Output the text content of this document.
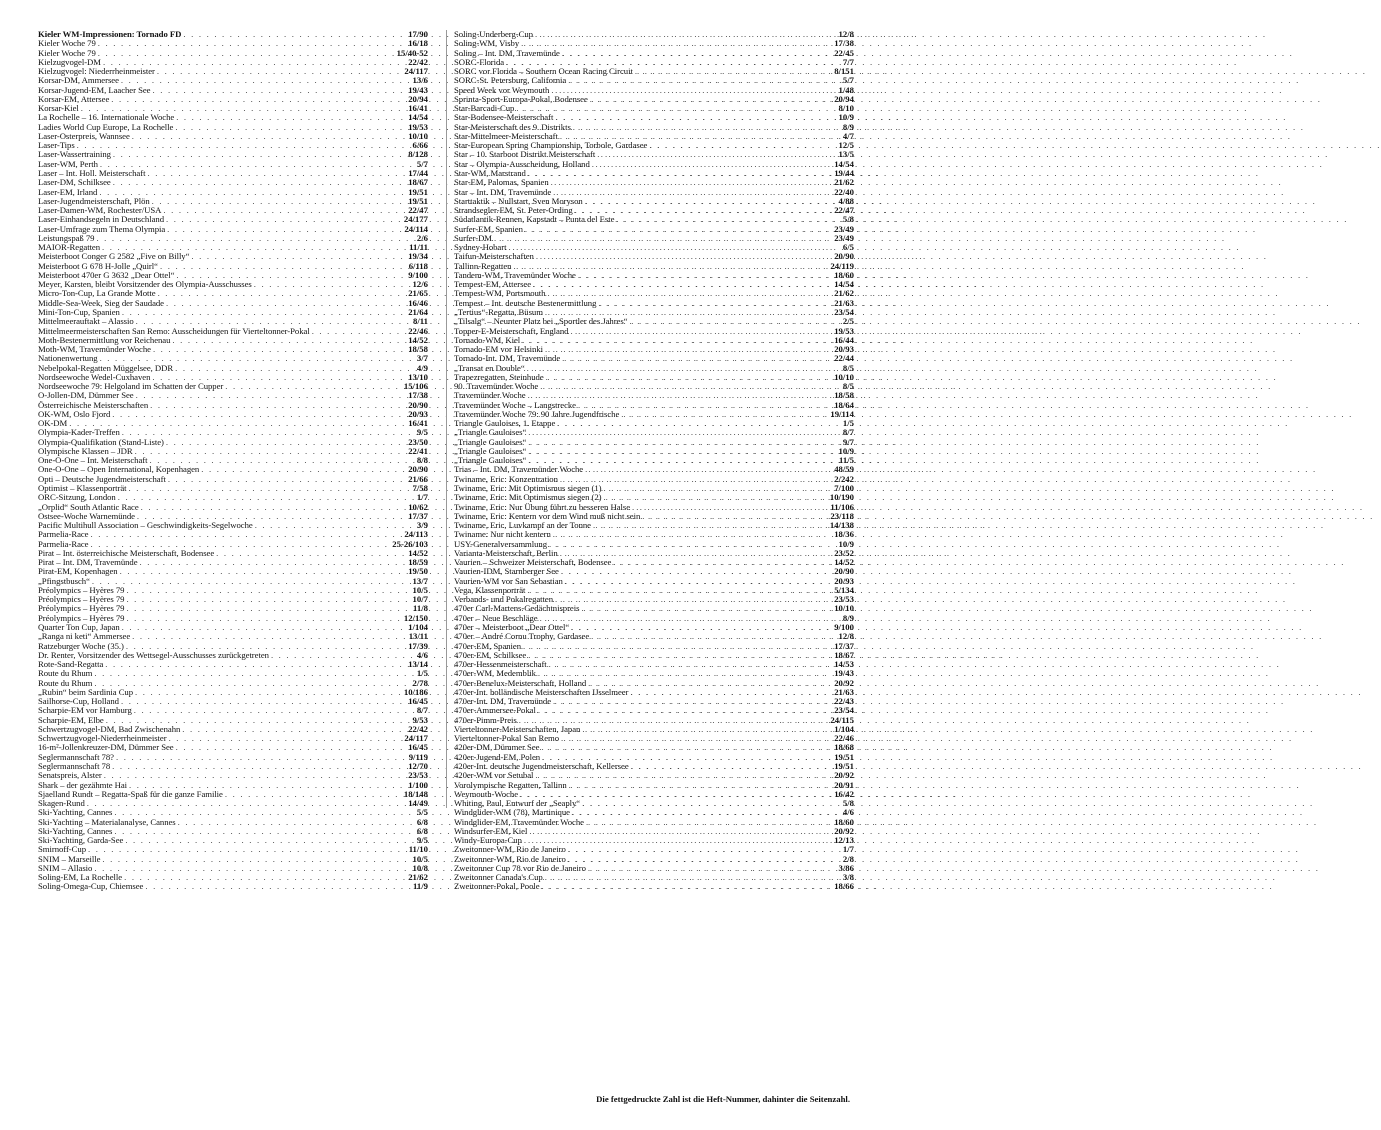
Kieler WM-Impressionen: Tornado FD . . .	17/90
Kieler Woche 79 . . .	16/18
Kieler Woche 79 . . .	15/40-52
Kielzugvogel-DM . . .	22/42
Kielzugvogel: Niederrheinmeister . . .	24/117
Korsar-DM, Ammersee . . .	13/6
Korsar-Jugend-EM, Laacher See . . .	19/43
Korsar-EM, Attersee . . .	20/94
Korsar-Kiel . . .	16/41
La Rochelle – 16. Internationale Woche . . .	14/54
Ladies World Cup Europe, La Rochelle . . .	19/53
Laser-Osterpreis, Wannsee . . .	10/10
Laser-Tips . . .	6/66
Laser-Wassertraining . . .	8/128
Laser-WM, Perth . . .	5/7
Laser – Int. Holl. Meisterschaft . . .	17/44
Laser-DM, Schilksee . . .	18/67
Laser-EM, Irland . . .	19/51
Laser-Jugendmeisterschaft, Plön . . .	19/51
Laser-Damen-WM, Rochester/USA . . .	22/47
Laser-Einhandsegeln in Deutschland . . .	24/177
Laser-Umfrage zum Thema Olympia . . .	24/114
Leistungspaß 79 . . .	2/6
MAIOR-Regatten . . .	11/11
Meisterboot Conger G 2582 „Five on Billy“ . . .	19/34
Meisterboot G 678 H-Jolle „Quirl“ . . .	6/118
Meisterboot 470er G 3632 „Dear Ottel“ . . .	9/100
Meyer, Karsten, bleibt Vorsitzender des Olympia-Ausschusses . . .	12/6
Micro-Ton-Cup, La Grande Motte . . .	21/65
Middle-Sea-Week, Sieg der Saudade . . .	16/46
Mini-Ton-Cup, Spanien . . .	21/64
Mittelmeerauftakt – Alassio . . .	8/11
Mittelmeermeisterschaften San Remo: Ausscheidungen für Vierteltonner-Pokal . . .	22/46
Moth-Bestenermittlung vor Reichenau . . .	14/52
Moth-WM, Travemünder Woche . . .	18/58
Nationenwertung . . .	3/7
Nebelpokal-Regatten Müggelsee, DDR . . .	4/9
Nordseewoche Wedel-Cuxhaven . . .	13/10
Nordseewoche 79: Helgoland im Schatten der Cupper . . .	15/106
O-Jollen-DM, Dümmer See . . .	17/38
Österreichische Meisterschaften . . .	20/90
OK-WM, Oslo Fjord . . .	20/93
OK-DM . . .	16/41
Olympia-Kader-Treffen . . .	9/5
Olympia-Qualifikation (Stand-Liste) . . .	23/50
Olympische Klassen – JDR . . .	22/41
One-O-One – Int. Meisterschaft . . .	8/8
One-O-One – Open International, Kopenhagen . . .	20/90
Opti – Deutsche Jugendmeisterschaft . . .	21/66
Optimist – Klassenporträt . . .	7/58
ORC-Sitzung, London . . .	1/7
„Orplid“ South Atlantic Race . . .	10/62
Ostsee-Woche Warnemünde . . .	17/37
Pacific Multihull Association – Geschwindigkeits-Segelwoche . . .	3/9
Parmelia-Race . . .	24/113
Parmelia-Race . . .	25-26/103
Pirat – Int. österreichische Meisterschaft, Bodensee . . .	14/52
Pirat – Int. DM, Travemünde . . .	18/59
Pirat-EM, Kopenhagen . . .	19/50
„Pfingstbusch“ . . .	13/7
Préolympics – Hyères 79 . . .	10/5
Préolympics – Hyères 79 . . .	10/7
Préolympics – Hyères 79 . . .	11/8
Préolympics – Hyères 79 . . .	12/150
Quarter Ton Cup, Japan . . .	1/104
„Ranga ni keti“ Ammersee . . .	13/11
Ratzeburger Woche (35.) . . .	17/39
Dr. Renter, Vorsitzender des Wettsegel-Ausschusses zurückgetreten . . .	4/6
Rote-Sand-Regatta . . .	13/14
Route du Rhum . . .	1/5
Route du Rhum . . .	2/78
„Rubin“ beim Sardinia Cup . . .	10/186
Sailhorse-Cup, Holland . . .	16/45
Scharpie-EM vor Hamburg . . .	8/7
Scharpie-EM, Elbe . . .	9/53
Schwertzugvogel-DM, Bad Zwischenahn . . .	22/42
Schwertzugvogel-Niederrheinmeister . . .	24/117
16-m²-Jollenkreuzer-DM, Dümmer See . . .	16/45
Seglermannschaft 78? . . .	9/119
Seglermannschaft 78 . . .	12/70
Senatspreis, Alster . . .	23/53
Shark – der gezähmte Hai . . .	1/100
Sjaelland Rundt – Regatta-Spaß für die ganze Familie . . .	18/148
Skagen-Rund . . .	14/49
Ski-Yachting, Cannes . . .	5/5
Ski-Yachting – Materialanalyse, Cannes . . .	6/8
Ski-Yachting, Cannes . . .	6/8
Ski-Yachting, Garda-See . . .	9/5
Smirnoff-Cup . . .	11/10
SNIM – Marseille . . .	10/5
SNIM – Allasio . . .	10/8
Soling-EM, La Rochelle . . .	21/62
Soling-Omega-Cup, Chiemsee . . .	11/9
Soling-Underberg-Cup . . .	12/8
Soling-WM, Visby . . .	17/38
Soling – Int. DM, Travemünde . . .	22/45
SORC-Florida . . .	7/7
SORC vor Florida – Southern Ocean Racing Circuit . . .	8/151
SORC-St. Petersburg, California . . .	5/7
Speed Week vor Weymouth . . .	1/48
Sprinta-Sport-Europa-Pokal, Bodensee . . .	20/94
Star-Barcadi-Cup . . .	8/10
Star-Bodensee-Meisterschaft . . .	10/9
Star-Meisterschaft des 9. Distrikts . . .	8/9
Star-Mittelmeer-Meisterschaft . . .	4/7
Star-European Spring Championship, Torbole, Gardasee . . .	12/5
Star – 10. Starboot Distrikt Meisterschaft . . .	13/5
Star – Olympia-Ausscheidung, Holland . . .	14/54
Star-WM, Marstrand . . .	19/44
Star-EM, Palomas, Spanien . . .	21/62
Star – Int. DM, Travemünde . . .	22/40
Starttaktik – Nullstart, Sven Moryson . . .	4/88
Strandsegler-EM, St. Peter-Ording . . .	22/47
Südatlantik-Rennen, Kapstadt – Punta del Este . . .	5/8
Surfer-EM, Spanien . . .	23/49
Surfer-DM . . .	23/49
Sydney-Hobart . . .	6/5
Taifun-Meisterschaften . . .	20/90
Tallinn-Regatten . . .	24/119
Tandem-WM, Travemünder Woche . . .	18/60
Tempest-EM, Attersee . . .	14/54
Tempest-WM, Portsmouth . . .	21/62
Tempest – Int. deutsche Bestenermittlung . . .	21/63
„Tertius“-Regatta, Büsum . . .	23/54
„Tilsalg“ – Neunter Platz bei „Sportler des Jahres“ . . .	2/5
Topper-E-Meisterschaft, England . . .	19/53
Tornado-WM, Kiel . . .	16/44
Tornado-EM vor Helsinki . . .	20/93
Tornado-Int. DM, Travemünde . . .	22/44
„Transat en Double“ . . .	8/5
Trapezregatten, Steinhude . . .	10/10
90. Travemünder Woche . . .	8/5
Travemünder Woche . . .	18/58
Travemünder Woche – Langstrecke . . .	18/64
Travemünder Woche 79: 90 Jahre Jugendfrische . . .	19/114
Triangle Gauloises, 1. Etappe . . .	1/5
„Triangle Gauloises“ . . .	8/7
„Triangle Gauloises“ . . .	9/7
„Triangle Gauloises“ . . .	10/9
„Triangle Gauloises“ . . .	11/5
Trias – Int. DM, Travemünder Woche . . .	48/59
Twiname, Eric: Konzentration . . .	2/242
Twiname, Eric: Mit Optimismus siegen (1) . . .	7/100
Twiname, Eric: Mit Optimismus siegen (2) . . .	10/190
Twiname, Eric: Nur Übung führt zu besseren Halse . . .	11/106
Twiname, Eric: Kentern vor dem Wind muß nicht sein . . .	23/118
Twiname, Eric, Luvkampf an der Tonne . . .	14/138
Twiname: Nur nicht kentern . . .	18/36
USY-Generalversammlung . . .	10/9
Varianta-Meisterschaft, Berlin . . .	23/52
Vaurien – Schweizer Meisterschaft, Bodensee . . .	14/52
Vaurien-IDM, Starnberger See . . .	20/90
Vaurien-WM vor San Sebastian . . .	20/93
Vega, Klassenporträt . . .	5/134
Verbands- und Pokalregatten . . .	23/53
470er Carl-Martens-Gedächtnispreis . . .	10/10
470er – Neue Beschläge . . .	8/9
470er – Meisterboot „Dear Ottel“ . . .	9/100
470er – André Cornu Trophy, Gardasee . . .	12/8
470er-EM, Spanien . . .	17/37
470er-EM, Schilksee . . .	18/67
470er-Hessenmeisterschaft . . .	14/53
470er-WM, Medemblik . . .	19/43
470er-Benelux-Meisterschaft, Holland . . .	20/92
470er-Int. holländische Meisterschaften IJsselmeer . . .	21/63
470er-Int. DM, Travemünde . . .	22/43
470er-Ammersee-Pokal . . .	23/54
470er-Pimm-Preis . . .	24/115
Vierteltonner-Meisterschaften, Japan . . .	1/104
Vierteltonner-Pokal San Remo . . .	22/46
420er-DM, Dümmer See . . .	18/68
420er-Jugend-EM, Polen . . .	19/51
420er-Int. deutsche Jugendmeisterschaft, Kellersee . . .	19/51
420er-WM vor Setubal . . .	20/92
Vorolympische Regatten, Tallinn . . .	20/91
Weymouth-Woche . . .	16/42
Whiting, Paul, Entwurf der „Seaply“ . . .	5/8
Windglider-WM (78), Martinique . . .	4/6
Windglider-EM, Travemünder Woche . . .	18/60
Windsurfer-EM, Kiel . . .	20/92
Windy-Europa-Cup . . .	12/13
Zweitonner-WM, Rio de Janeiro . . .	1/7
Zweitonner-WM, Rio de Janeiro . . .	2/8
Zweitonner Cup 78 vor Rio de Janeiro . . .	3/86
Zweitonner Canada's Cup . . .	3/8
Zweitonner-Pokal, Poole . . .	18/66
Die fettgedruckte Zahl ist die Heft-Nummer, dahinter die Seitenzahl.
